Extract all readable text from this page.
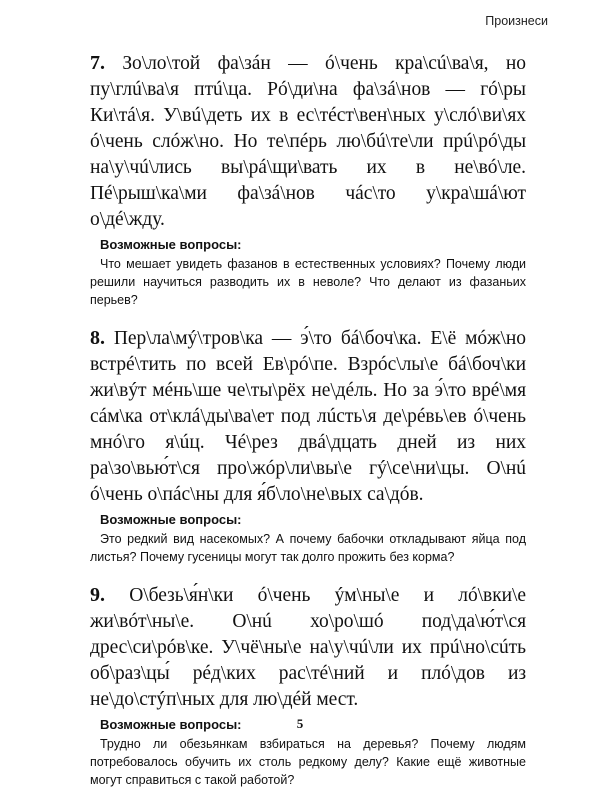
Произнеси
7. Зо\ло\той фа\зáн — ó\чень кра\сú\ва\я, но пу\глú\ва\я птú\ца. Рó\ди\на фа\зá\нов — гó\ры Ки\тá\я. У\вú\деть их в ес\тéст\вен\ных у\слó\ви\ях ó\чень слóж\но. Но те\пéрь лю\бú\те\ли прú\рó\ды на\у\чú\лись вы\рá\щи\вать их в не\вó\ле. Пé\рыш\ка\ми фа\зá\нов чáс\то у\кра\шá\ют о\дé\жду.
Возможные вопросы:
Что мешает увидеть фазанов в естественных условиях? Почему люди решили научиться разводить их в неволе? Что делают из фазаньих перьев?
8. Пер\ла\мý\тров\ка — э́\то бá\боч\ка. Е\ё мóж\но встрé\тить по всей Ев\рó\пе. Взрóс\лы\е бá\боч\ки жи\вýт мéнь\ше че\ты\рёх не\дéль. Но за э́\то врé\мя сáм\ка от\клá\ды\ва\ет под лúсть\я де\рéвь\ев ó\чень мнó\го я\úц. Чé\рез двá\дцать дней из них ра\зо\вью́т\ся про\жóр\ли\вы\е гý\се\ни\цы. О\нú ó\чень о\пáс\ны для я́б\ло\не\вых са\дóв.
Возможные вопросы:
Это редкий вид насекомых? А почему бабочки откладывают яйца под листья? Почему гусеницы могут так долго прожить без корма?
9. О\безь\я́н\ки ó\чень ýм\ны\е и лó\вки\е жи\вóт\ны\е. О\нú хо\ро\шó под\да\ю́т\ся дрес\си\рóв\ке. У\чё\ны\е на\у\чú\ли их прú\но\сúть об\раз\цы́ рéд\ких рас\тé\ний и плó\дов из не\до\стýп\ных для лю\дéй мест.
Возможные вопросы:
Трудно ли обезьянкам взбираться на деревья? Почему людям потребовалось обучить их столь редкому делу? Какие ещё животные могут справиться с такой работой?
5
